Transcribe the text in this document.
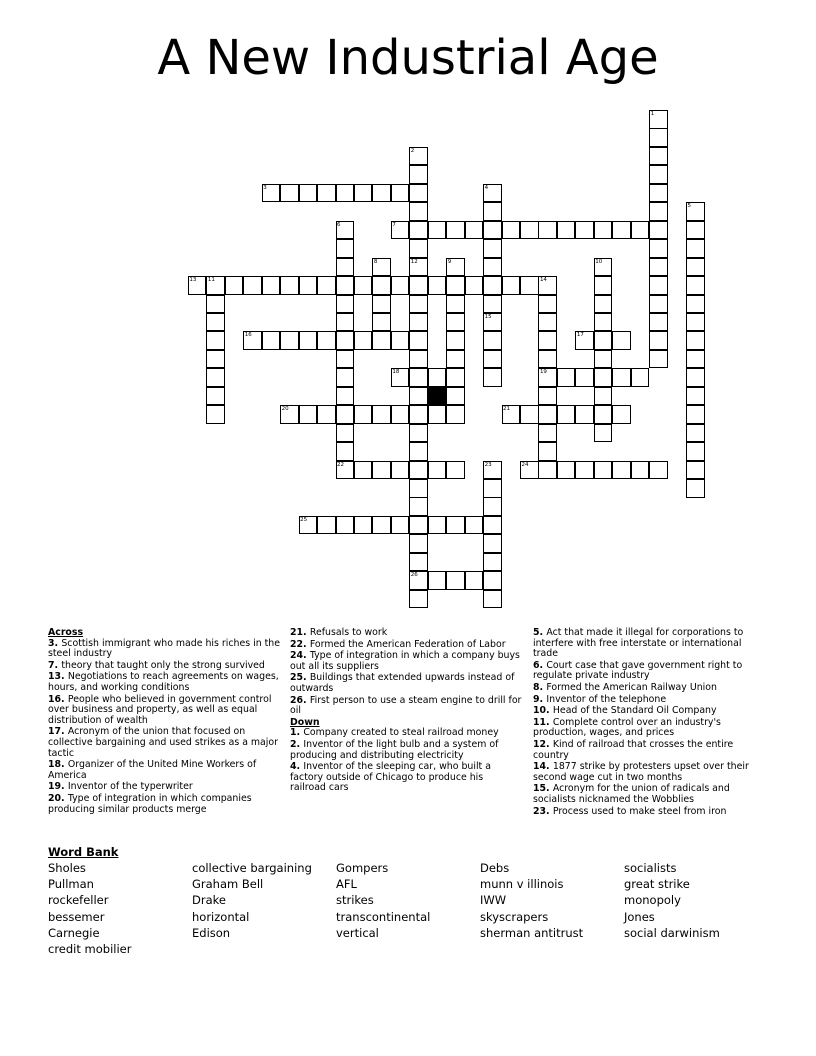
A New Industrial Age
3
7
13 11	14
16	17
18	19
20	21
22	24
25
26
1
2
12
4
15
5
6
8	9	10
23
Across
3. Scottish immigrant who made his riches in the steel industry
7. theory that taught only the strong survived
13. Negotiations to reach agreements on wages, hours, and working conditions
16. People who believed in government control over business and property, as well as equal distribution of wealth
17. Acronym of the union that focused on collective bargaining and used strikes as a major tactic
18. Organizer of the United Mine Workers of America
19. Inventor of the typerwriter
20. Type of integration in which companies producing similar products merge
21. Refusals to work
22. Formed the American Federation of Labor
24. Type of integration in which a company buys out all its suppliers
25. Buildings that extended upwards instead of outwards
26. First person to use a steam engine to drill for oil
Down
1. Company created to steal railroad money
2. Inventor of the light bulb and a system of producing and distributing electricity
4. Inventor of the sleeping car, who built a factory outside of Chicago to produce his railroad cars
5. Act that made it illegal for corporations to interfere with free interstate or international trade
6. Court case that gave government right to regulate private industry
8. Formed the American Railway Union
9. Inventor of the telephone
10. Head of the Standard Oil Company
11. Complete control over an industry's production, wages, and prices
12. Kind of railroad that crosses the entire country
14. 1877 strike by protesters upset over their second wage cut in two months
15. Acronym for the union of radicals and socialists nicknamed the Wobblies
23. Process used to make steel from iron
Word Bank
Sholes
Pullman
rockefeller
bessemer
Carnegie
credit mobilier
collective bargaining
Graham Bell
Drake
horizontal
Edison
Gompers
AFL
strikes
transcontinental
vertical
Debs
munn v illinois
IWW
skyscrapers
sherman antitrust
socialists
great strike
monopoly
Jones
social darwinism
